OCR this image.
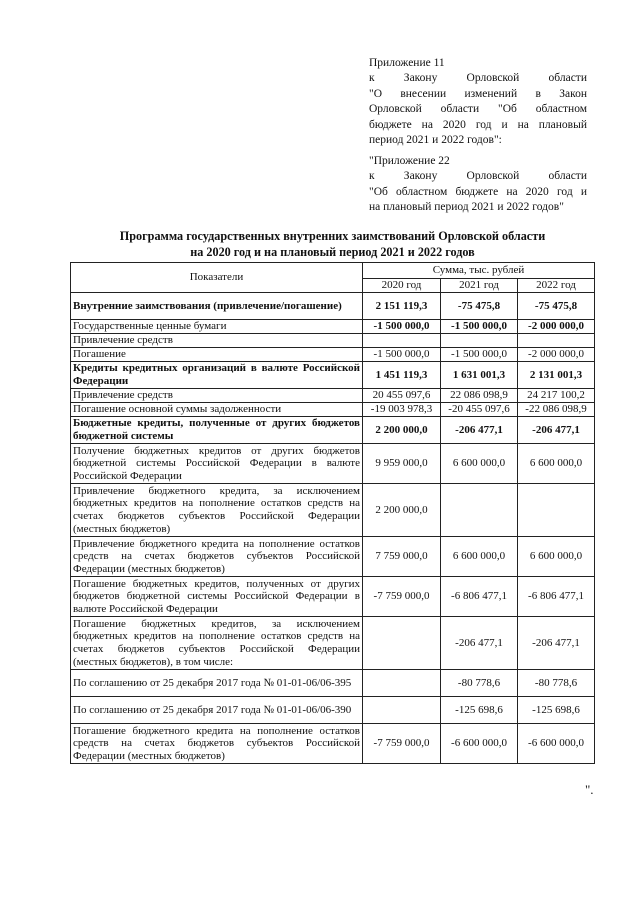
Приложение 11

к Закону Орловской области
"О внесении изменений в Закон
Орловской области "Об областном
бюджете на 2020 год и на плановый
период 2021 и 2022 годов":
"Приложение 22

к Закону Орловской области
"Об областном бюджете на 2020 год и
на плановый период 2021 и 2022 годов"
Программа государственных внутренних заимствований Орловской области
на 2020 год и на плановый период 2021 и 2022 годов
Показатели	Сумма, тыс. рублей		
	2020 год	2021 год	2022 год
Внутренние заимствования (привлечение/погашение)	2 151 119,3	-75 475,8	-75 475,8
Государственные ценные бумаги	-1 500 000,0	-1 500 000,0	-2 000 000,0
Привлечение средств			
Погашение	-1 500 000,0	-1 500 000,0	-2 000 000,0
Кредиты кредитных организаций в валюте Российской Федерации	1 451 119,3	1 631 001,3	2 131 001,3
Привлечение средств	20 455 097,6	22 086 098,9	24 217 100,2
Погашение основной суммы задолженности	-19 003 978,3	-20 455 097,6	-22 086 098,9
Бюджетные кредиты, полученные от других бюджетов бюджетной системы	2 200 000,0	-206 477,1	-206 477,1
Получение бюджетных кредитов от других бюджетов бюджетной системы Российской Федерации в валюте Российской Федерации	9 959 000,0	6 600 000,0	6 600 000,0
Привлечение бюджетного кредита, за исключением бюджетных кредитов на пополнение остатков средств на счетах бюджетов субъектов Российской Федерации (местных бюджетов)	2 200 000,0		
Привлечение бюджетного кредита на пополнение остатков средств на счетах бюджетов субъектов Российской Федерации (местных бюджетов)	7 759 000,0	6 600 000,0	6 600 000,0
Погашение бюджетных кредитов, полученных от других бюджетов бюджетной системы Российской Федерации в валюте Российской Федерации	-7 759 000,0	-6 806 477,1	-6 806 477,1
Погашение бюджетных кредитов, за исключением бюджетных кредитов на пополнение остатков средств на счетах бюджетов субъектов Российской Федерации (местных бюджетов), в том числе:		-206 477,1	-206 477,1
По соглашению от 25 декабря 2017 года № 01-01-06/06-395		-80 778,6	-80 778,6
По соглашению от 25 декабря 2017 года № 01-01-06/06-390		-125 698,6	-125 698,6
Погашение бюджетного кредита на пополнение остатков средств на счетах бюджетов субъектов Российской Федерации (местных бюджетов)	-7 759 000,0	-6 600 000,0	-6 600 000,0
".
